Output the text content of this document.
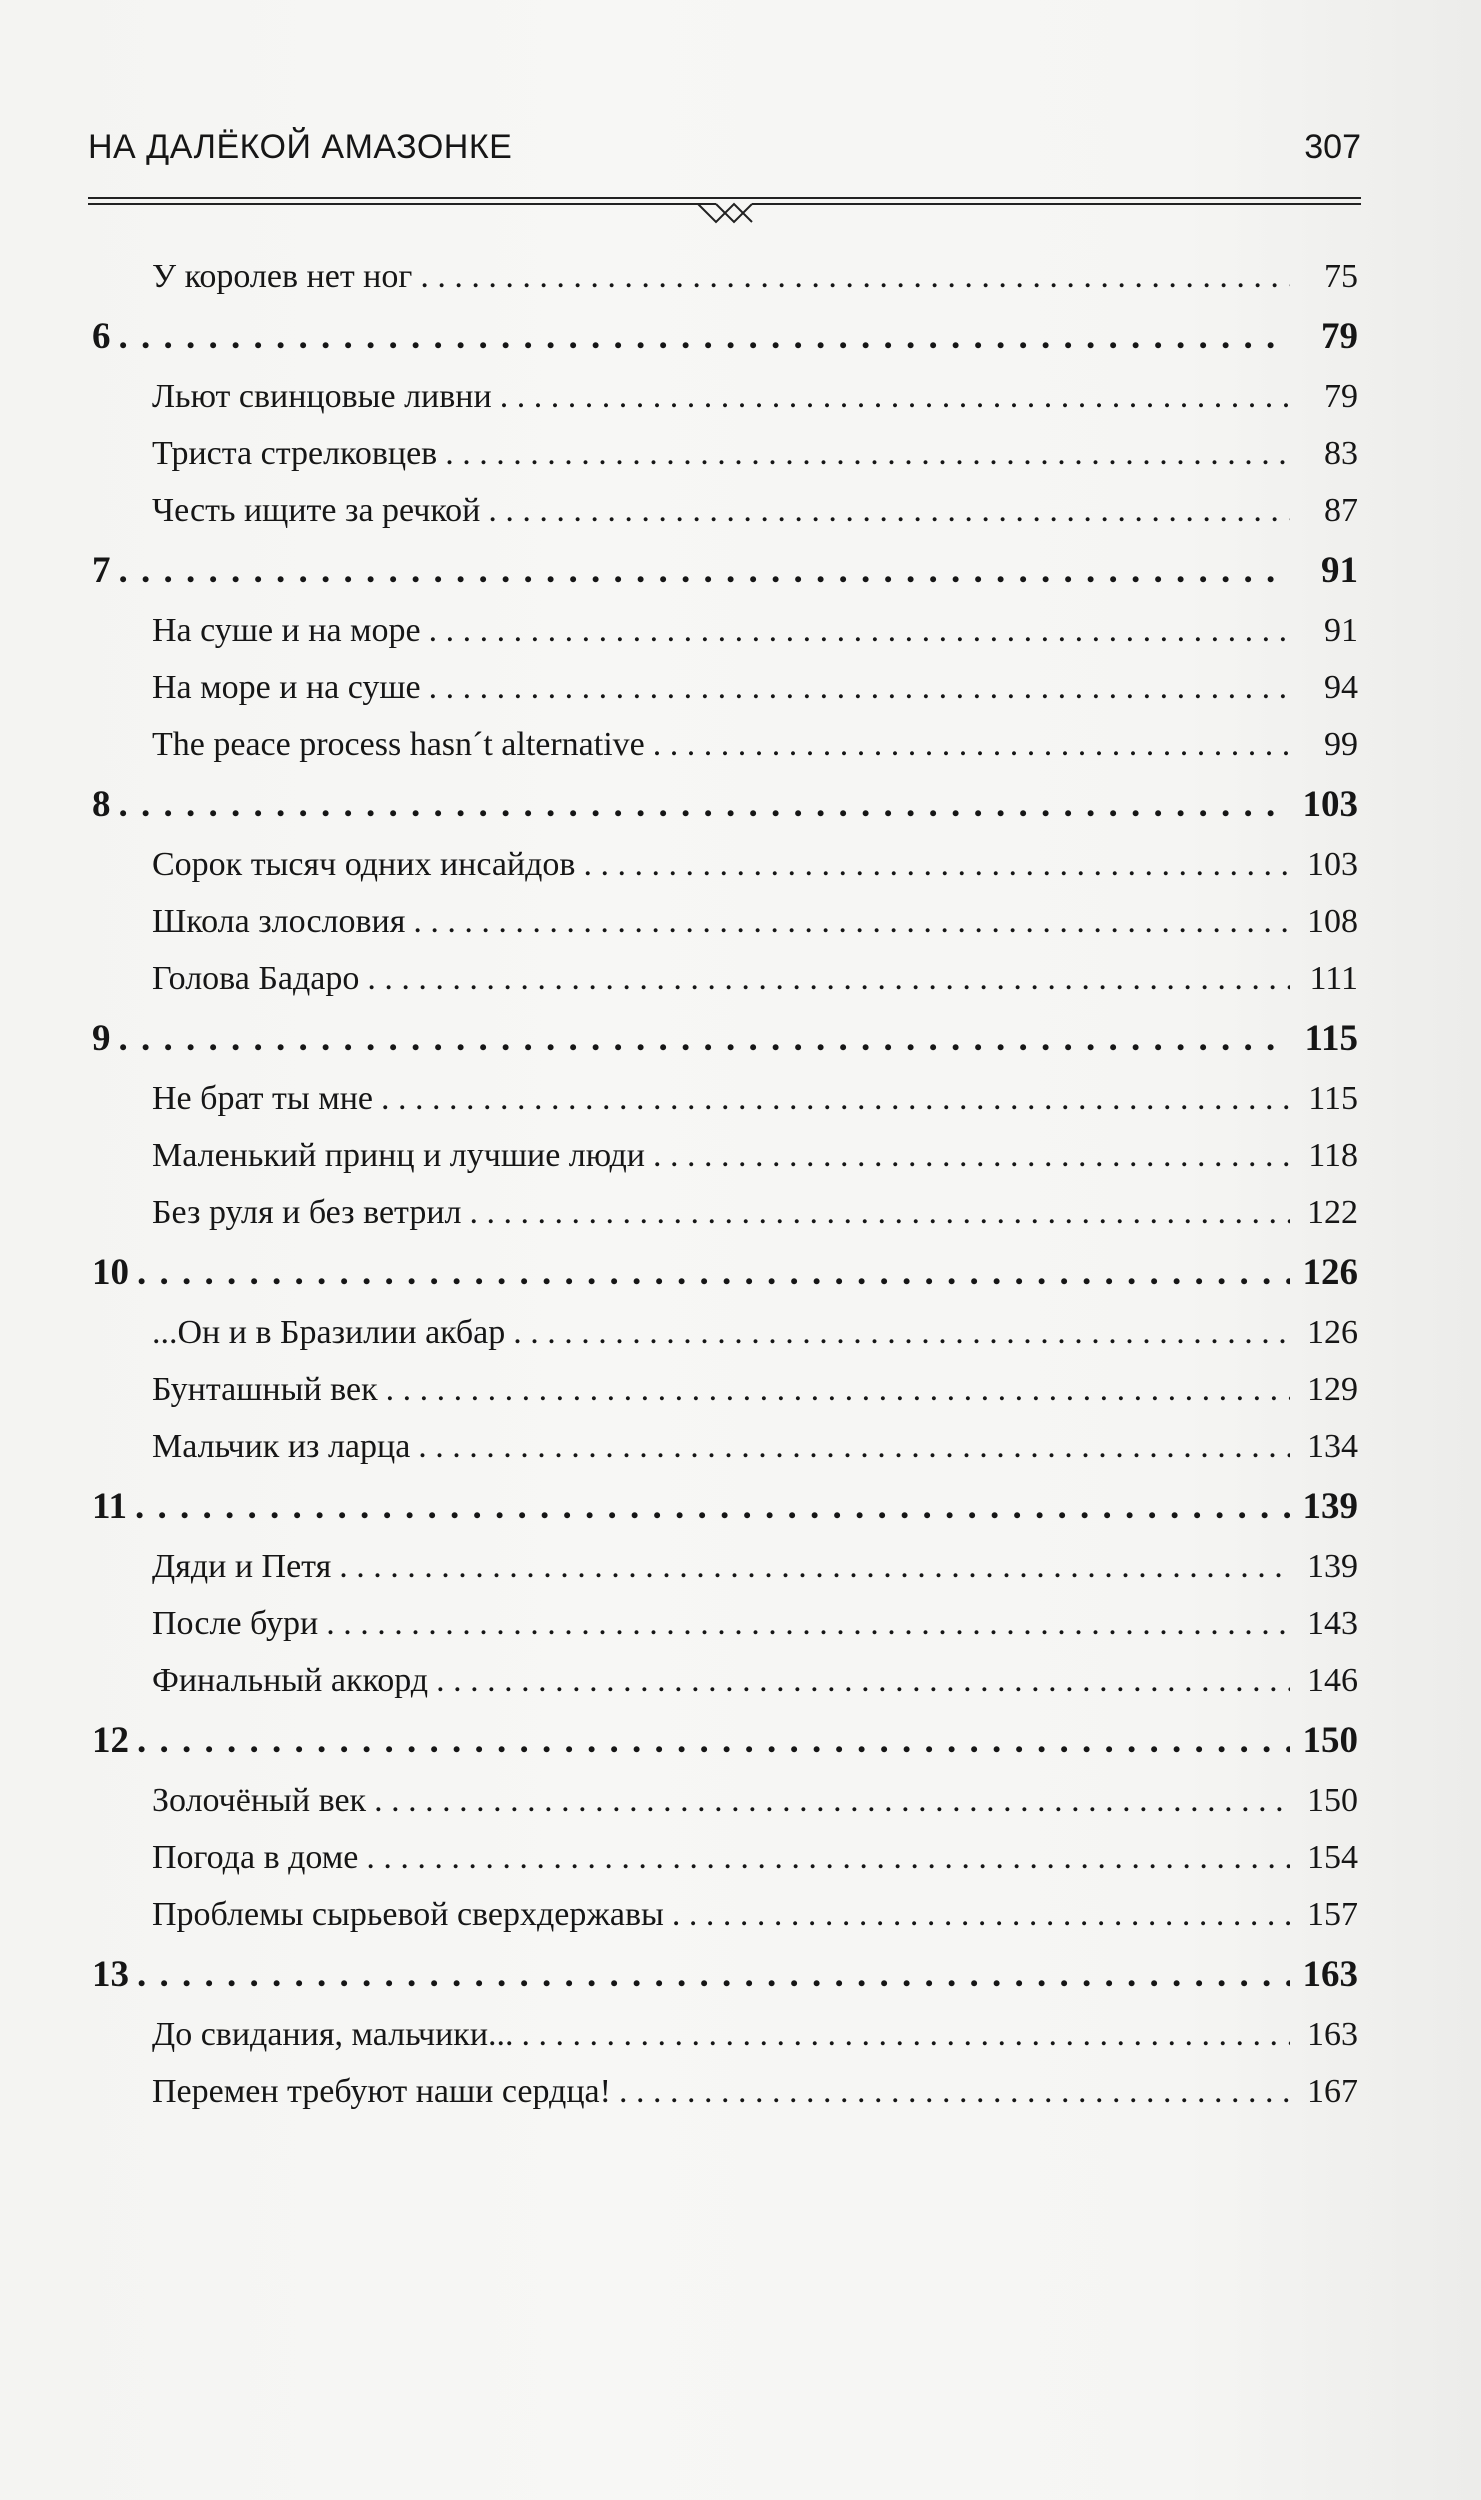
НА ДАЛЁКОЙ АМАЗОНКЕ	307
У королев нет ног . . .	75
6 . . .	79
Льют свинцовые ливни . . .	79
Триста стрелковцев . . .	83
Честь ищите за речкой . . .	87
7 . . .	91
На суше и на море . . .	91
На море и на суше . . .	94
The peace process hasn´t alternative . . .	99
8 . . .	103
Сорок тысяч одних инсайдов . . .	103
Школа злословия . . .	108
Голова Бадаро . . .	111
9 . . .	115
Не брат ты мне . . .	115
Маленький принц и лучшие люди . . .	118
Без руля и без ветрил . . .	122
10 . . .	126
...Он и в Бразилии акбар . . .	126
Бунташный век . . .	129
Мальчик из ларца . . .	134
11 . . .	139
Дяди и Петя . . .	139
После бури . . .	143
Финальный аккорд . . .	146
12 . . .	150
Золочёный век . . .	150
Погода в доме . . .	154
Проблемы сырьевой сверхдержавы . . .	157
13 . . .	163
До свидания, мальчики... . . .	163
Перемен требуют наши сердца! . . .	167
